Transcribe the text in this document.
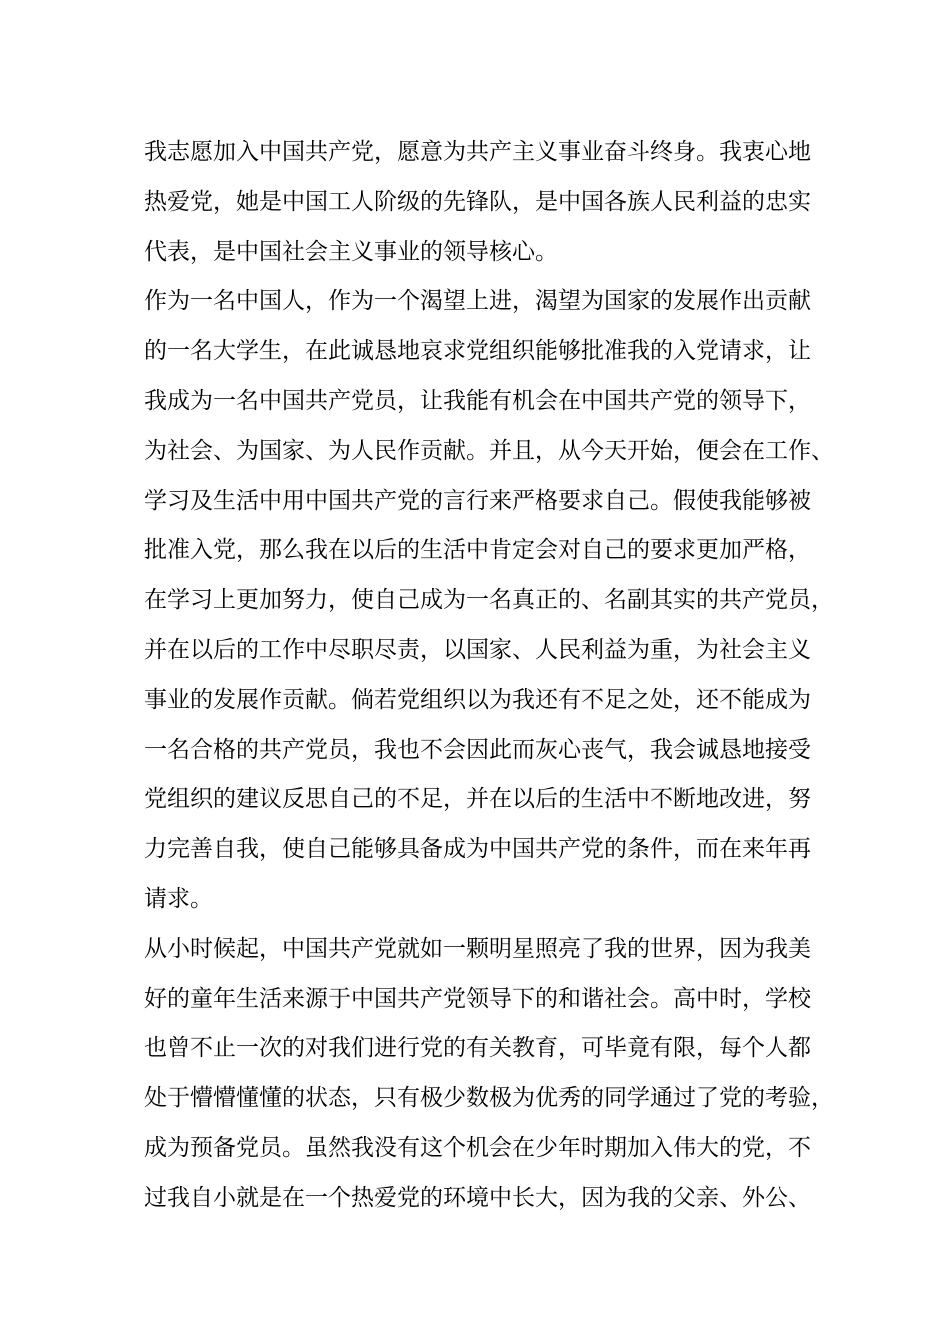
我志愿加入中国共产党，愿意为共产主义事业奋斗终身。我衷心地
热爱党，她是中国工人阶级的先锋队，是中国各族人民利益的忠实
代表，是中国社会主义事业的领导核心。
作为一名中国人，作为一个渴望上进，渴望为国家的发展作出贡献
的一名大学生，在此诚恳地哀求党组织能够批准我的入党请求，让
我成为一名中国共产党员，让我能有机会在中国共产党的领导下，
为社会、为国家、为人民作贡献。并且，从今天开始，便会在工作、
学习及生活中用中国共产党的言行来严格要求自己。假使我能够被
批准入党，那么我在以后的生活中肯定会对自己的要求更加严格，
在学习上更加努力，使自己成为一名真正的、名副其实的共产党员，
并在以后的工作中尽职尽责，以国家、人民利益为重，为社会主义
事业的发展作贡献。倘若党组织以为我还有不足之处，还不能成为
一名合格的共产党员，我也不会因此而灰心丧气，我会诚恳地接受
党组织的建议反思自己的不足，并在以后的生活中不断地改进，努
力完善自我，使自己能够具备成为中国共产党的条件，而在来年再
请求。
从小时候起，中国共产党就如一颗明星照亮了我的世界，因为我美
好的童年生活来源于中国共产党领导下的和谐社会。高中时，学校
也曾不止一次的对我们进行党的有关教育，可毕竟有限，每个人都
处于懵懵懂懂的状态，只有极少数极为优秀的同学通过了党的考验，
成为预备党员。虽然我没有这个机会在少年时期加入伟大的党，不
过我自小就是在一个热爱党的环境中长大，因为我的父亲、外公、
